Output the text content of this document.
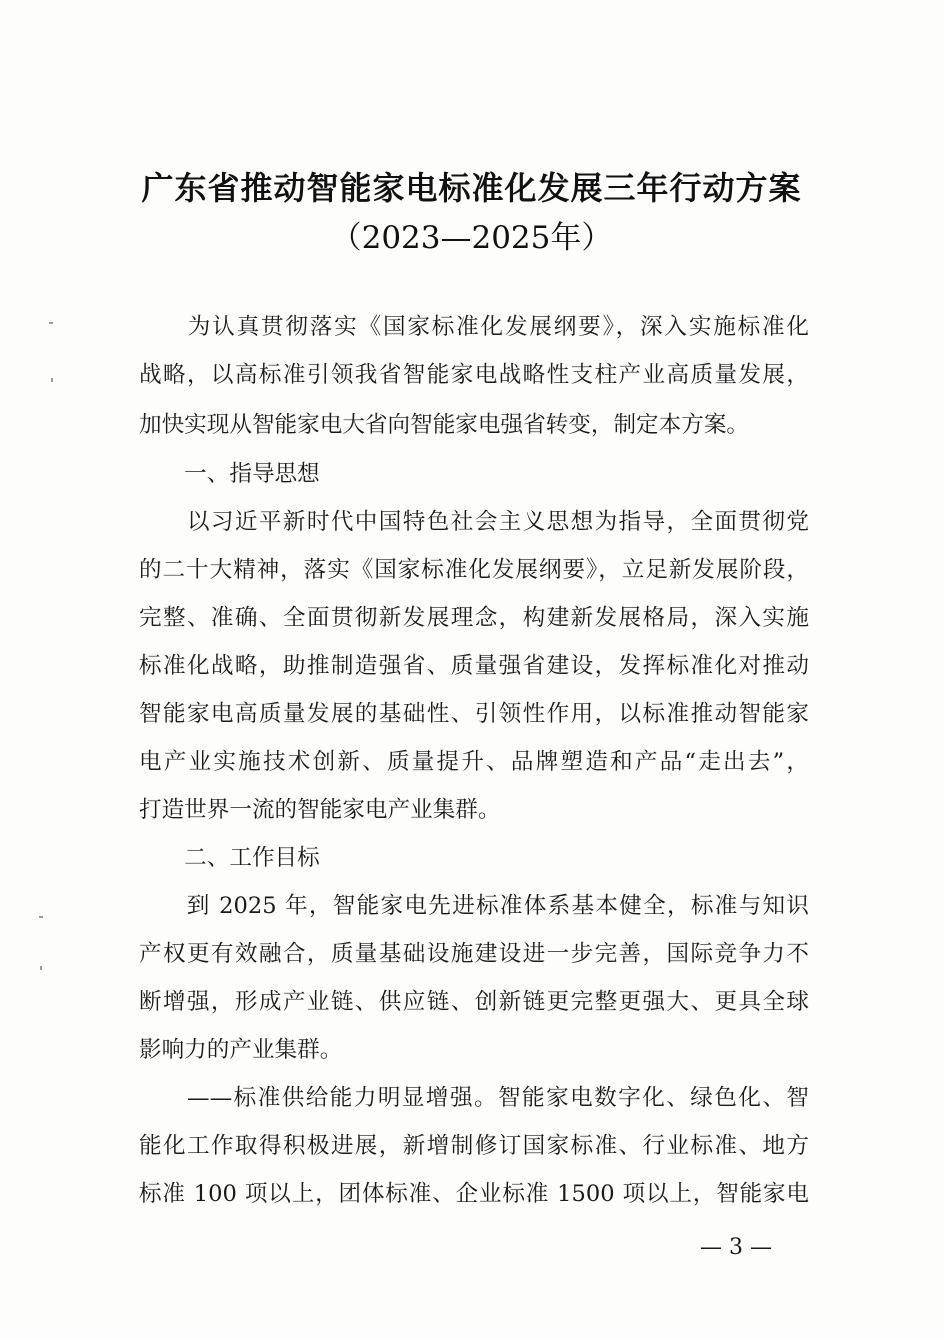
广东省推动智能家电标准化发展三年行动方案
（2023—2025年）
　　为认真贯彻落实《国家标准化发展纲要》，深入实施标准化
战略，以高标准引领我省智能家电战略性支柱产业高质量发展，
加快实现从智能家电大省向智能家电强省转变，制定本方案。
　　一、指导思想
　　以习近平新时代中国特色社会主义思想为指导，全面贯彻党
的二十大精神，落实《国家标准化发展纲要》，立足新发展阶段，
完整、准确、全面贯彻新发展理念，构建新发展格局，深入实施
标准化战略，助推制造强省、质量强省建设，发挥标准化对推动
智能家电高质量发展的基础性、引领性作用，以标准推动智能家
电产业实施技术创新、质量提升、品牌塑造和产品“走出去”，
打造世界一流的智能家电产业集群。
　　二、工作目标
　　到 2025 年，智能家电先进标准体系基本健全，标准与知识
产权更有效融合，质量基础设施建设进一步完善，国际竞争力不
断增强，形成产业链、供应链、创新链更完整更强大、更具全球
影响力的产业集群。
　　——标准供给能力明显增强。智能家电数字化、绿色化、智
能化工作取得积极进展，新增制修订国家标准、行业标准、地方
标准 100 项以上，团体标准、企业标准 1500 项以上，智能家电
— 3 —
